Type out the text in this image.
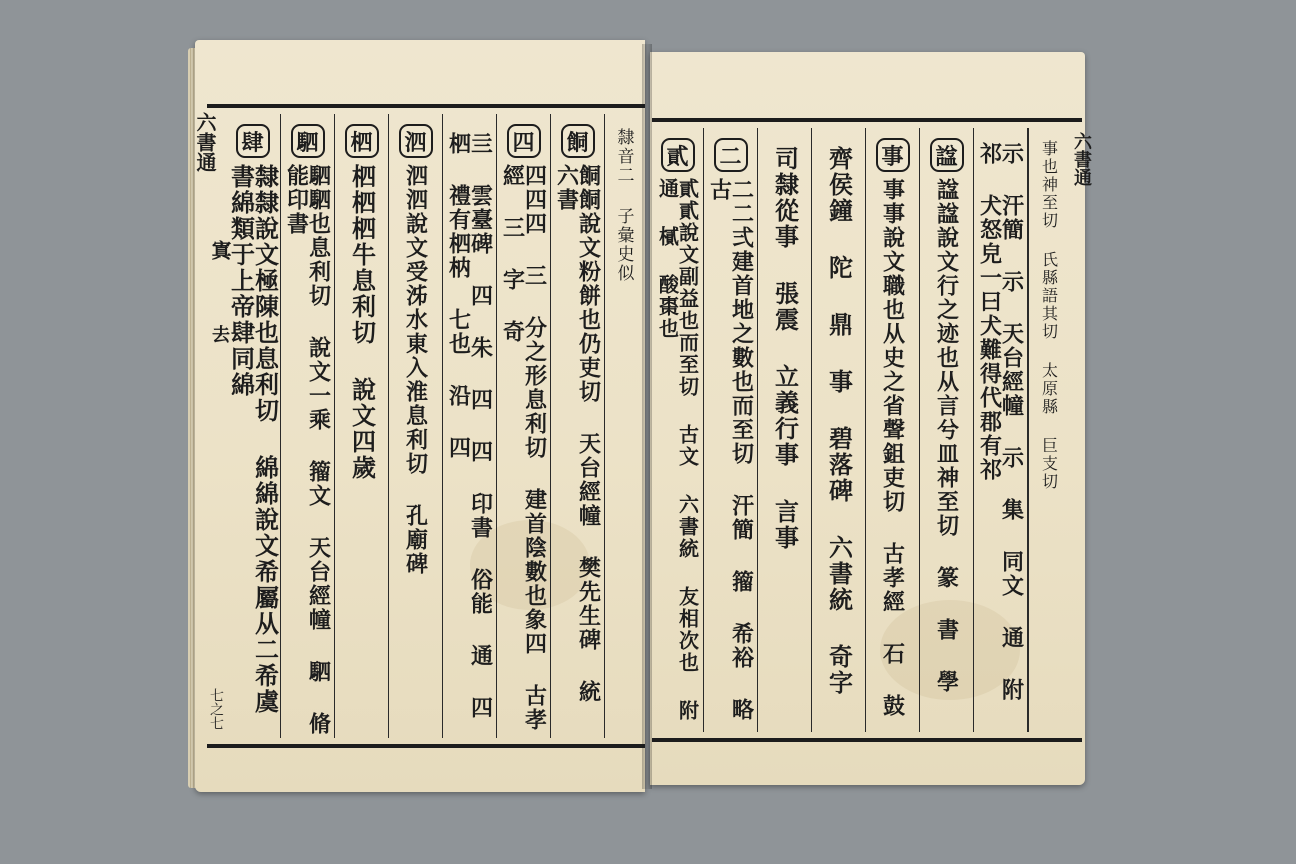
六書通
寘
去
七之七
肆
隸隸說文極陳也息利切 綿綿說文希屬从二希虞書綿類于上帝肆同綿
駟
駟駟也息利切 說文一乘 籀文 天台經幢 駟 脩能印書
柶
柶柶柶牛息利切 說文四歲
泗
泗泗說文受泲水東入淮息利切 孔廟碑	亖 雲臺碑 四 朱 四 四 印書 俗能 通 四 柶 禮有柶枘 七也 沿 四	四
四四四 三 分之形息利切 建首陰數也象四 古孝經 三 字 奇
餇
餇餇說文粉餅也仍吏切 天台經幢 樊先生碑 統 六書	隸音二 子彙史似	六書通
事也神至切 氏縣語其切 太原縣 巨支切
示 汗簡 示 天台經幢 示 集 同文 通 附 祁 犬怒皃一曰犬難得代郡有祁
諡
諡諡說文行之迹也从言兮皿神至切 篆 書 學
事
事事說文職也从史之省聲鉏吏切 古孝經 石 鼓
齊侯鐘 陀 鼎 事 碧落碑 六書統 奇字
司隸從事 張震 立義行事 言事
二
二二弍建首地之數也而至切 汗簡 籀 希裕 略古
貳
貳貳說文副益也而至切 古文 六書統 友相次也 附 通 樲 酸棗也
